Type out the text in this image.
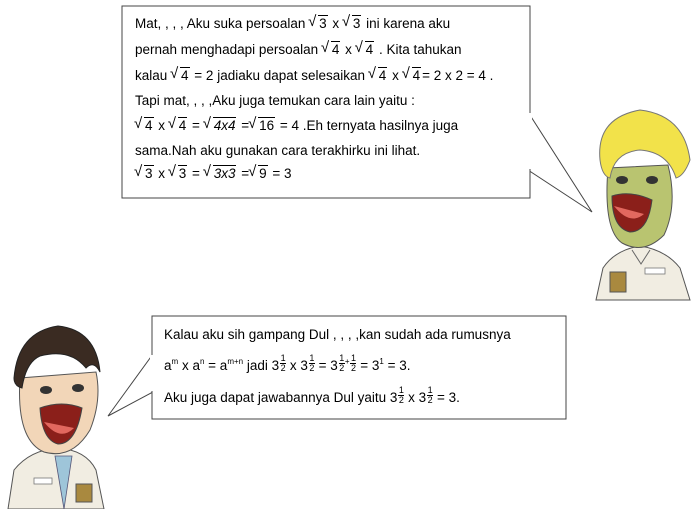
Mat, , , , Aku suka persoalan √ 3 x √ 3 ini karena aku
pernah menghadapi persoalan √ 4 x √ 4 . Kita tahukan
kalau √ 4 = 2 jadiaku dapat selesaikan √ 4 x √ 4 = 2 x 2 = 4 .
Tapi mat, , , ,Aku juga temukan cara lain yaitu :
√ 4 x √ 4 = √ 4x4 = √ 16 = 4 .Eh ternyata hasilnya juga
sama.Nah aku gunakan cara terakhirku ini lihat.
√ 3 x √ 3 = √ 3x3 = √ 9 = 3
Kalau aku sih gampang Dul , , , ,kan sudah ada rumusnya
$a^m$ x $a^n = a^{m+n}$ jadi $3 \frac{1}{2}$ x $3 \frac{1}{2} = 3 \frac{1}{2} ^+ \frac{1}{2} = 3^1 = 3$.
Aku juga dapat jawabannya Dul yaitu $3 \frac{1}{2}$ x $3 \frac{1}{2} = 3$.
